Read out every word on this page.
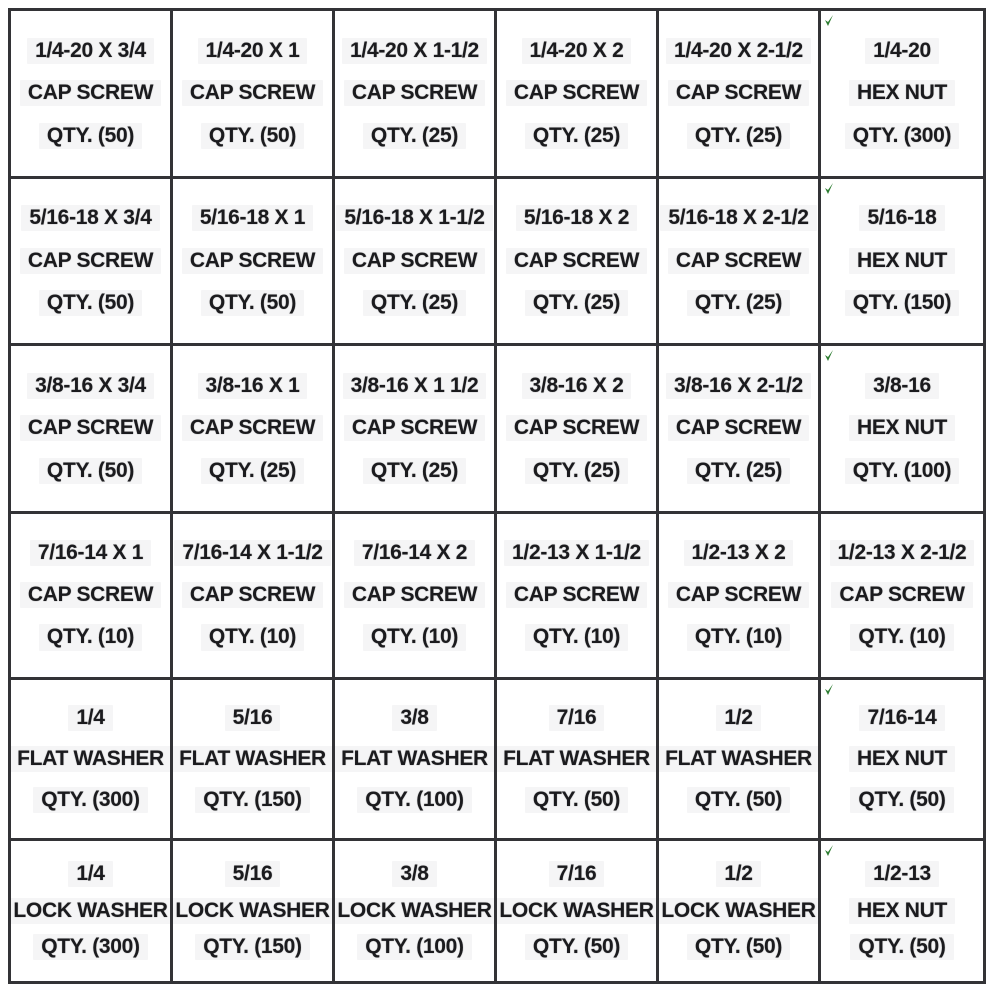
1/4-20 X 3/4
CAP SCREW
QTY. (50)
1/4-20 X 1
CAP SCREW
QTY. (50)
1/4-20 X 1-1/2
CAP SCREW
QTY. (25)
1/4-20 X 2
CAP SCREW
QTY. (25)
1/4-20 X 2-1/2
CAP SCREW
QTY. (25)
1/4-20
HEX NUT
QTY. (300)
5/16-18 X 3/4
CAP SCREW
QTY. (50)
5/16-18 X 1
CAP SCREW
QTY. (50)
5/16-18 X 1-1/2
CAP SCREW
QTY. (25)
5/16-18 X 2
CAP SCREW
QTY. (25)
5/16-18 X 2-1/2
CAP SCREW
QTY. (25)
5/16-18
HEX NUT
QTY. (150)
3/8-16 X 3/4
CAP SCREW
QTY. (50)
3/8-16 X 1
CAP SCREW
QTY. (25)
3/8-16 X 1 1/2
CAP SCREW
QTY. (25)
3/8-16 X 2
CAP SCREW
QTY. (25)
3/8-16 X 2-1/2
CAP SCREW
QTY. (25)
3/8-16
HEX NUT
QTY. (100)
7/16-14 X 1
CAP SCREW
QTY. (10)
7/16-14 X 1-1/2
CAP SCREW
QTY. (10)
7/16-14 X 2
CAP SCREW
QTY. (10)
1/2-13 X 1-1/2
CAP SCREW
QTY. (10)
1/2-13 X 2
CAP SCREW
QTY. (10)
1/2-13 X 2-1/2
CAP SCREW
QTY. (10)
1/4
FLAT WASHER
QTY. (300)
5/16
FLAT WASHER
QTY. (150)
3/8
FLAT WASHER
QTY. (100)
7/16
FLAT WASHER
QTY. (50)
1/2
FLAT WASHER
QTY. (50)
7/16-14
HEX NUT
QTY. (50)
1/4
LOCK WASHER
QTY. (300)
5/16
LOCK WASHER
QTY. (150)
3/8
LOCK WASHER
QTY. (100)
7/16
LOCK WASHER
QTY. (50)
1/2
LOCK WASHER
QTY. (50)
1/2-13
HEX NUT
QTY. (50)
